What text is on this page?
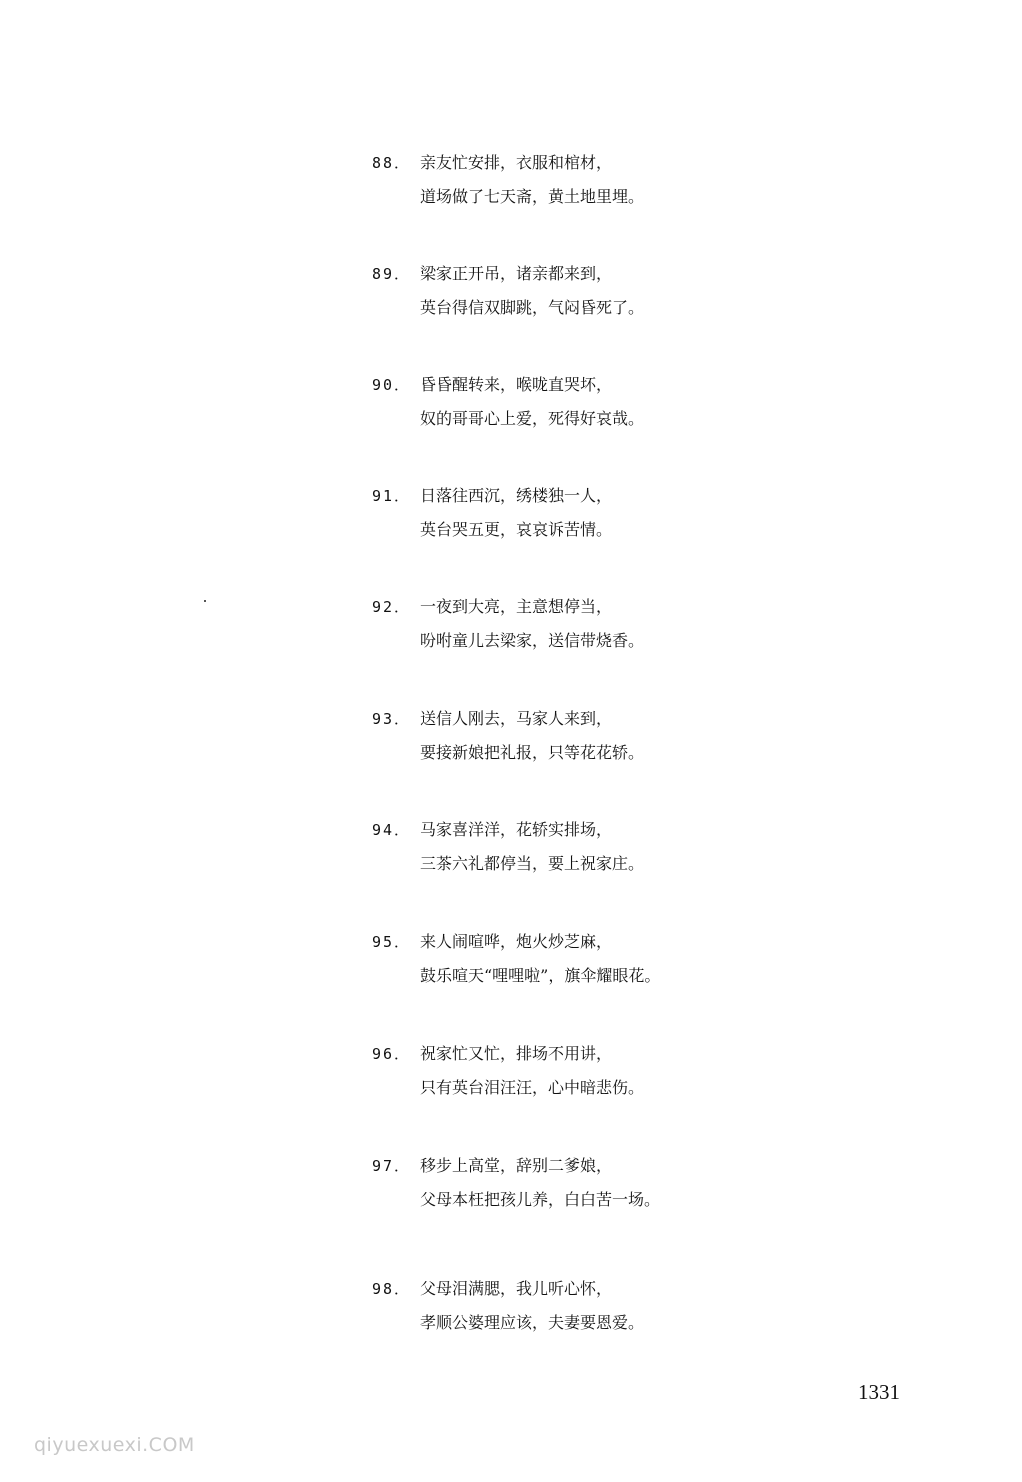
88． 亲友忙安排，衣服和棺材，
道场做了七天斋，黄土地里埋。
89． 梁家正开吊，诸亲都来到，
英台得信双脚跳，气闷昏死了。
90． 昏昏醒转来，喉咙直哭坏，
奴的哥哥心上爱，死得好哀哉。
91． 日落往西沉，绣楼独一人，
英台哭五更，哀哀诉苦情。
92． 一夜到大亮，主意想停当，
吩咐童儿去梁家，送信带烧香。
93． 送信人刚去，马家人来到，
要接新娘把礼报，只等花花轿。
94． 马家喜洋洋，花轿实排场，
三茶六礼都停当，要上祝家庄。
95． 来人闹喧哗，炮火炒芝麻，
鼓乐喧天“哩哩啦”，旗伞耀眼花。
96． 祝家忙又忙，排场不用讲，
只有英台泪汪汪，心中暗悲伤。
97． 移步上高堂，辞别二爹娘，
父母本枉把孩儿养，白白苦一场。
98． 父母泪满腮，我儿听心怀，
孝顺公婆理应该，夫妻要恩爱。
1331
qiyuexuexi.COM
